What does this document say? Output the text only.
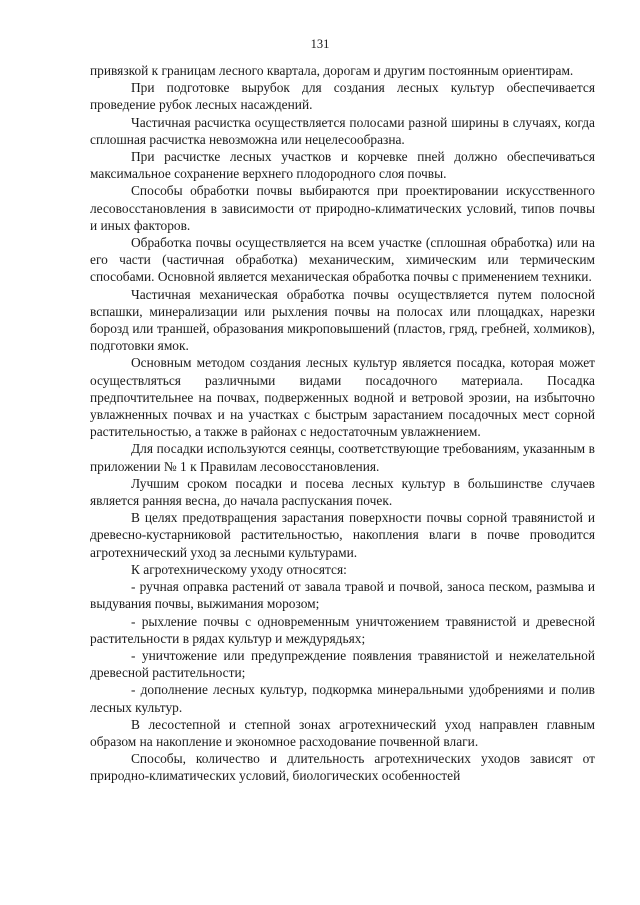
131

привязкой к границам лесного квартала, дорогам и другим постоянным ориентирам.

При подготовке вырубок для создания лесных культур обеспечивается проведение рубок лесных насаждений.

Частичная расчистка осуществляется полосами разной ширины в случаях, когда сплошная расчистка невозможна или нецелесообразна.

При расчистке лесных участков и корчевке пней должно обеспечиваться максимальное сохранение верхнего плодородного слоя почвы.

Способы обработки почвы выбираются при проектировании искусственного лесовосстановления в зависимости от природно-климатических условий, типов почвы и иных факторов.

Обработка почвы осуществляется на всем участке (сплошная обработка) или на его части (частичная обработка) механическим, химическим или термическим способами. Основной является механическая обработка почвы с применением техники.

Частичная механическая обработка почвы осуществляется путем полосной вспашки, минерализации или рыхления почвы на полосах или площадках, нарезки борозд или траншей, образования микроповышений (пластов, гряд, гребней, холмиков), подготовки ямок.

Основным методом создания лесных культур является посадка, которая может осуществляться различными видами посадочного материала. Посадка предпочтительнее на почвах, подверженных водной и ветровой эрозии, на избыточно увлажненных почвах и на участках с быстрым зарастанием посадочных мест сорной растительностью, а также в районах с недостаточным увлажнением.

Для посадки используются сеянцы, соответствующие требованиям, указанным в приложении № 1 к Правилам лесовосстановления.

Лучшим сроком посадки и посева лесных культур в большинстве случаев является ранняя весна, до начала распускания почек.

В целях предотвращения зарастания поверхности почвы сорной травянистой и древесно-кустарниковой растительностью, накопления влаги в почве проводится агротехнический уход за лесными культурами.

К агротехническому уходу относятся:

- ручная оправка растений от завала травой и почвой, заноса песком, размыва и выдувания почвы, выжимания морозом;

- рыхление почвы с одновременным уничтожением травянистой и древесной растительности в рядах культур и междурядьях;

- уничтожение или предупреждение появления травянистой и нежелательной древесной растительности;

- дополнение лесных культур, подкормка минеральными удобрениями и полив лесных культур.

В лесостепной и степной зонах агротехнический уход направлен главным образом на накопление и экономное расходование почвенной влаги.

Способы, количество и длительность агротехнических уходов зависят от природно-климатических условий, биологических особенностей
